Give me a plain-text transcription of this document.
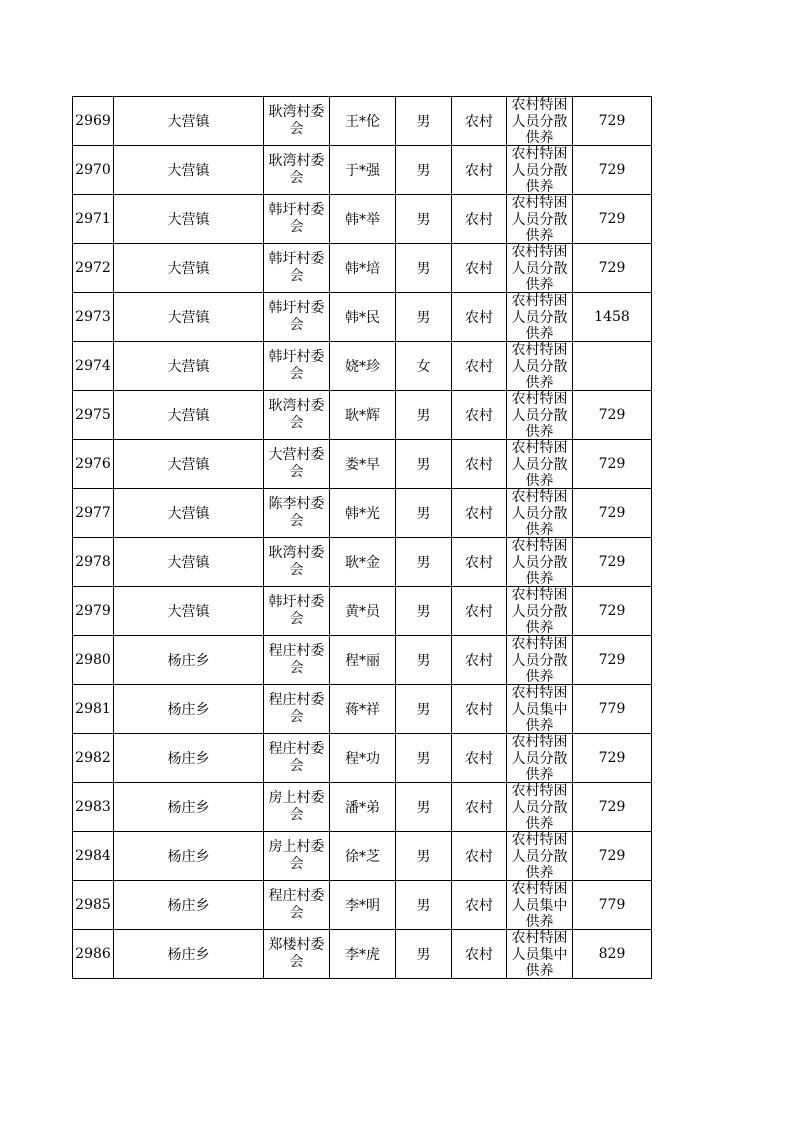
2969	大营镇	耿湾村委会	王*伦	男	农村	农村特困人员分散供养	729
2970	大营镇	耿湾村委会	于*强	男	农村	农村特困人员分散供养	729
2971	大营镇	韩圩村委会	韩*举	男	农村	农村特困人员分散供养	729
2972	大营镇	韩圩村委会	韩*培	男	农村	农村特困人员分散供养	729
2973	大营镇	韩圩村委会	韩*民	男	农村	农村特困人员分散供养	1458
2974	大营镇	韩圩村委会	娆*珍	女	农村	农村特困人员分散供养	

2975	大营镇	耿湾村委会	耿*辉	男	农村	农村特困人员分散供养	729
2976	大营镇	大营村委会	娄*早	男	农村	农村特困人员分散供养	729
2977	大营镇	陈李村委会	韩*光	男	农村	农村特困人员分散供养	729
2978	大营镇	耿湾村委会	耿*金	男	农村	农村特困人员分散供养	729
2979	大营镇	韩圩村委会	黄*员	男	农村	农村特困人员分散供养	729
2980	杨庄乡	程庄村委会	程*丽	男	农村	农村特困人员分散供养	729
2981	杨庄乡	程庄村委会	蒋*祥	男	农村	农村特困人员集中供养	779
2982	杨庄乡	程庄村委会	程*功	男	农村	农村特困人员分散供养	729
2983	杨庄乡	房上村委会	潘*弟	男	农村	农村特困人员分散供养	729
2984	杨庄乡	房上村委会	徐*芝	男	农村	农村特困人员分散供养	729
2985	杨庄乡	程庄村委会	李*明	男	农村	农村特困人员集中供养	779
2986	杨庄乡	郑楼村委会	李*虎	男	农村	农村特困人员集中供养	829
